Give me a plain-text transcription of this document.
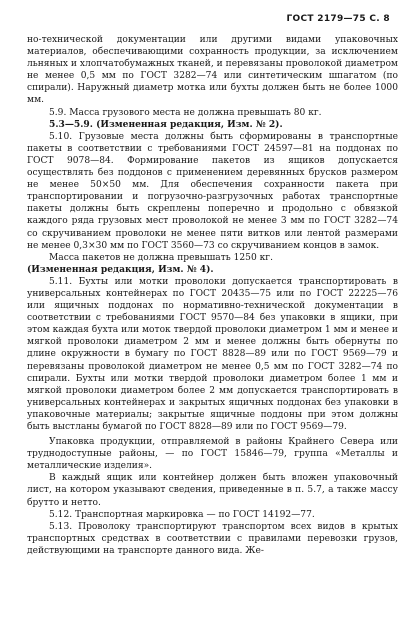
ГОСТ 2179—75 С. 8

но-технической документации или другими видами упаковочных материалов, обеспечивающими сохранность продукции, за исключением льняных и хлопчатобумажных тканей, и перевязаны проволокой диаметром не менее 0,5 мм по ГОСТ 3282—74 или синтетическим шпагатом (по спирали). Наружный диаметр мотка или бухты должен быть не более 1000 мм.

5.9. Масса грузового места не должна превышать 80 кг.

5.3—5.9. (Измененная редакция, Изм. № 2).

5.10. Грузовые места должны быть сформированы в транспортные пакеты в соответствии с требованиями ГОСТ 24597—81 на поддонах по ГОСТ 9078—84. Формирование пакетов из ящиков допускается осуществлять без поддонов с применением деревянных брусков размером не менее 50×50 мм. Для обеспечения сохранности пакета при транспортировании и погрузочно-разгрузочных работах транспортные пакеты должны быть скреплены поперечно и продольно с обвязкой каждого ряда грузовых мест проволокой не менее 3 мм по ГОСТ 3282—74 со скручиванием проволоки не менее пяти витков или лентой размерами не менее 0,3×30 мм по ГОСТ 3560—73 со скручиванием концов в замок.

Масса пакетов не должна превышать 1250 кг.

(Измененная редакция, Изм. № 4).

5.11. Бухты или мотки проволоки допускается транспортировать в универсальных контейнерах по ГОСТ 20435—75 или по ГОСТ 22225—76 или ящичных поддонах по нормативно-технической документации в соответствии с требованиями ГОСТ 9570—84 без упаковки в ящики, при этом каждая бухта или моток твердой проволоки диаметром 1 мм и менее и мягкой проволоки диаметром 2 мм и менее должны быть обернуты по длине окружности в бумагу по ГОСТ 8828—89 или по ГОСТ 9569—79 и перевязаны проволокой диаметром не менее 0,5 мм по ГОСТ 3282—74 по спирали. Бухты или мотки твердой проволоки диаметром более 1 мм и мягкой проволоки диаметром более 2 мм допускается транспортировать в универсальных контейнерах и закрытых ящичных поддонах без упаковки в упаковочные материалы; закрытые ящичные поддоны при этом должны быть выстланы бумагой по ГОСТ 8828—89 или по ГОСТ 9569—79.

Упаковка продукции, отправляемой в районы Крайнего Севера или труднодоступные районы, — по ГОСТ 15846—79, группа «Металлы и металлические изделия».

В каждый ящик или контейнер должен быть вложен упаковочный лист, на котором указывают сведения, приведенные в п. 5.7, а также массу брутто и нетто.

5.12. Транспортная маркировка — по ГОСТ 14192—77.

5.13. Проволоку транспортируют транспортом всех видов в крытых транспортных средствах в соответствии с правилами перевозки грузов, действующими на транспорте данного вида. Же-
